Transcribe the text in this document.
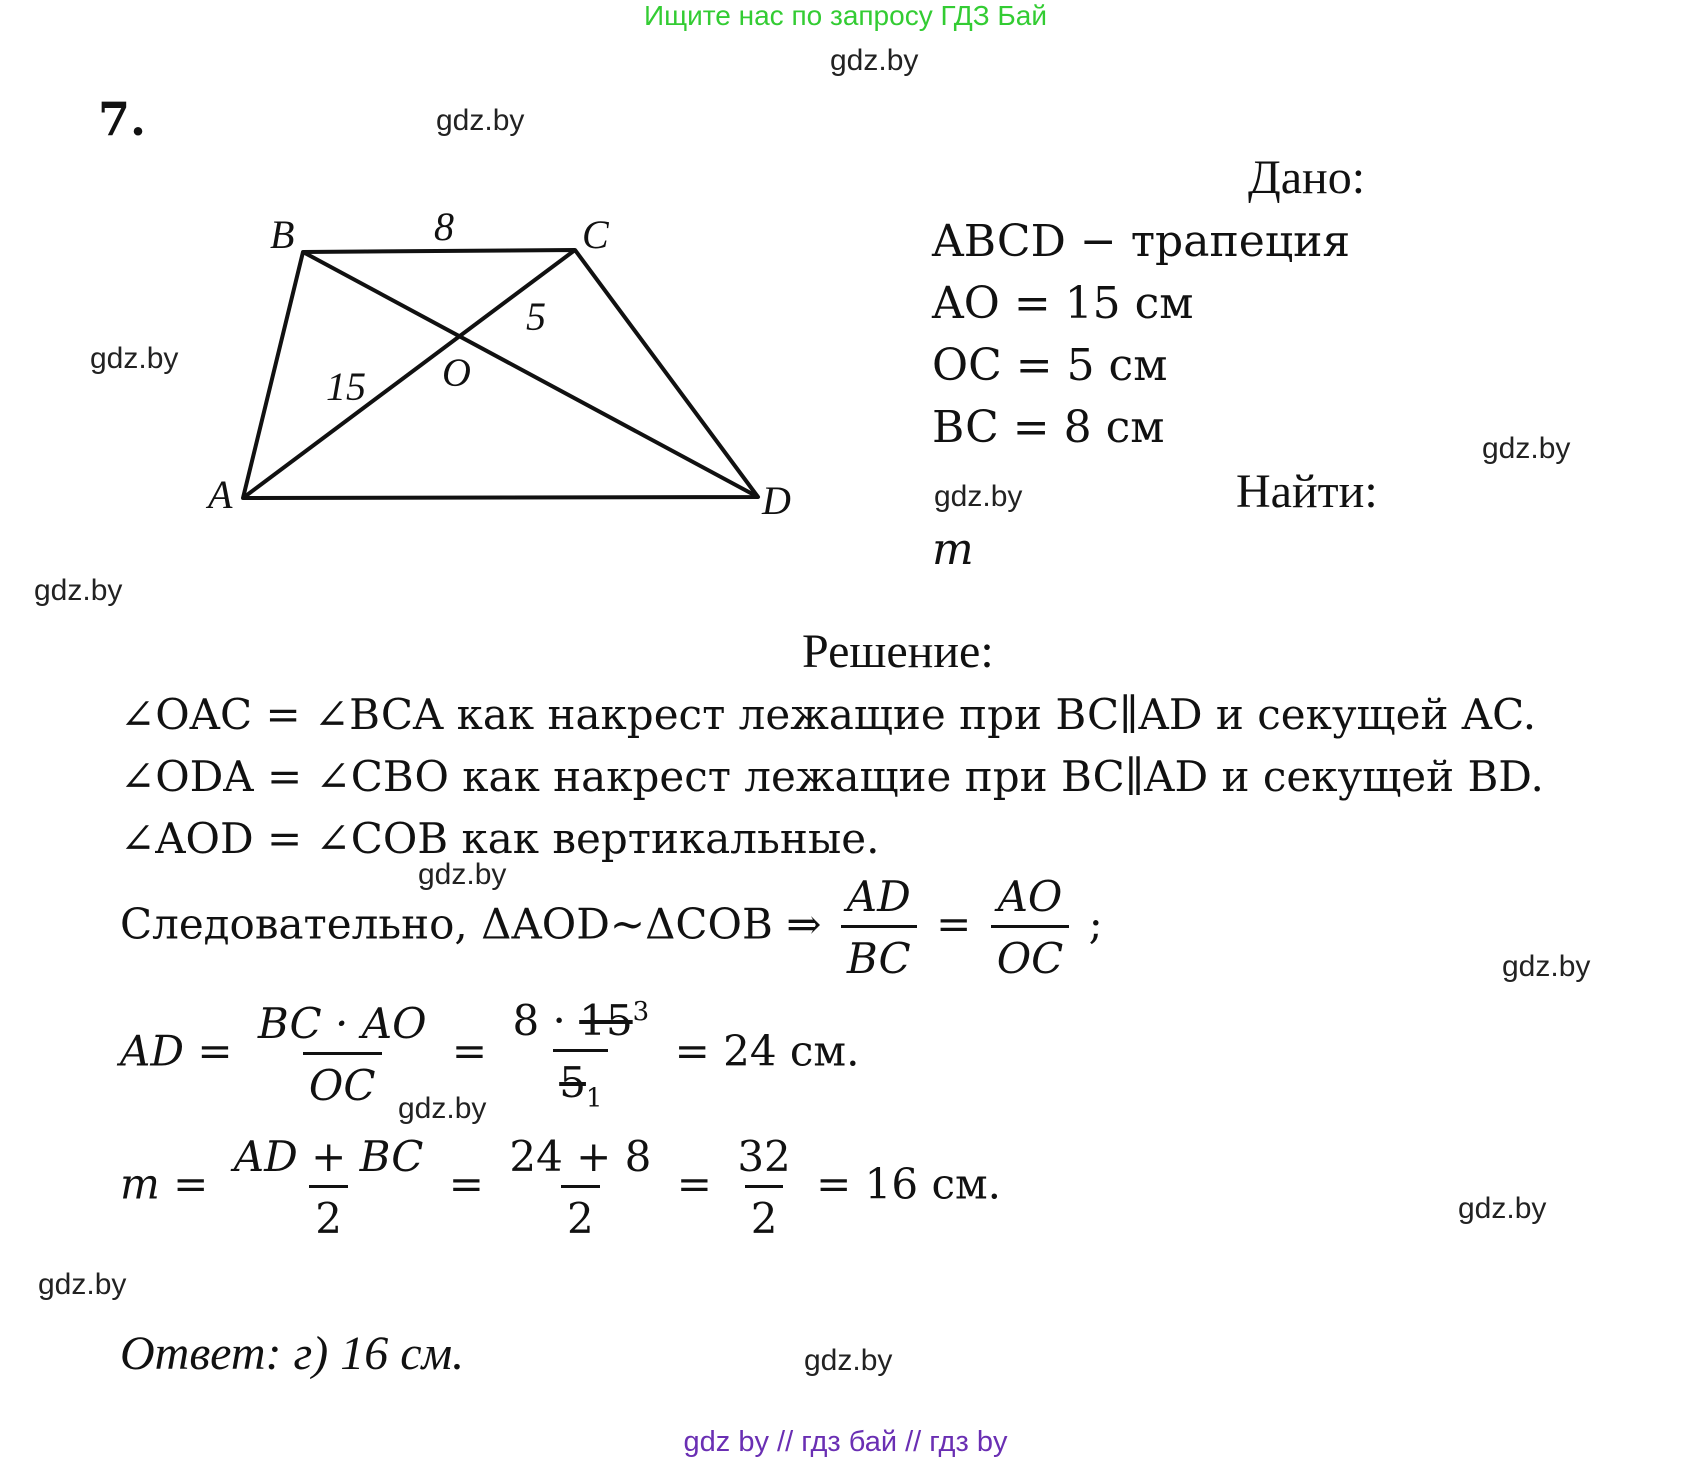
Ищите нас по запросу ГДЗ Бай
gdz.by
gdz.by
gdz.by
gdz.by
gdz.by
gdz.by
gdz.by
gdz.by
gdz.by
gdz.by
gdz.by
gdz.by
7.
B	C
A	D
O
8
5
15
Дано:
ABCD − трапеция
AO = 15 см
OC = 5 см
BC = 8 см
Найти:
m
Решение:
∠OAC = ∠BCA как накрест лежащие при BC∥AD и секущей AC.
∠ODA = ∠CBO как накрест лежащие при BC∥AD и секущей BD.
∠AOD = ∠COB как вертикальные.
Следовательно, ΔAOD~ΔCOB ⇒ $\frac{AD}{BC} = \frac{AO}{OC}$ ;
AD = $\frac{BC \cdot AO}{OC} = \frac{8 \cdot 15^3}{5_1} = 24$ см.
$m = \frac{AD + BC}{2} = \frac{24 + 8}{2} = \frac{32}{2} = 16$ см.
Ответ: г) 16 см.
gdz by // гдз бай // гдз by
